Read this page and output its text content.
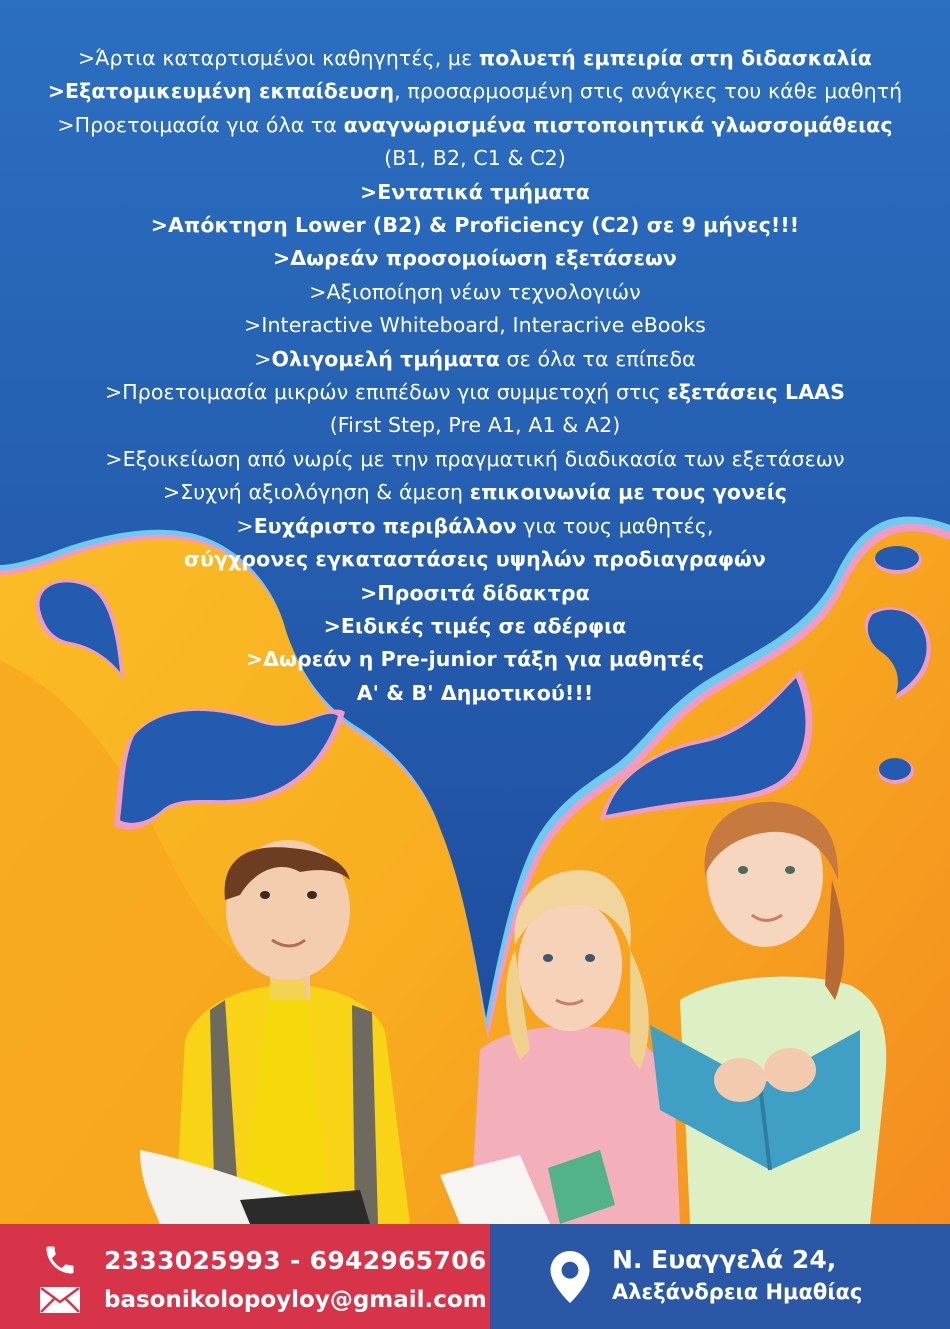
>Άρτια καταρτισμένοι καθηγητές, με πολυετή εμπειρία στη διδασκαλία
>Εξατομικευμένη εκπαίδευση, προσαρμοσμένη στις ανάγκες του κάθε μαθητή
>Προετοιμασία για όλα τα αναγνωρισμένα πιστοποιητικά γλωσσομάθειας
(B1, B2, C1 & C2)
>Εντατικά τμήματα
>Απόκτηση Lower (B2) & Proficiency (C2) σε 9 μήνες!!!
>Δωρεάν προσομοίωση εξετάσεων
>Αξιοποίηση νέων τεχνολογιών
>Interactive Whiteboard, Interacrive eBooks
>Ολιγομελή τμήματα σε όλα τα επίπεδα
>Προετοιμασία μικρών επιπέδων για συμμετοχή στις εξετάσεις LAAS
(First Step, Pre A1, A1 & A2)
>Εξοικείωση από νωρίς με την πραγματική διαδικασία των εξετάσεων
>Συχνή αξιολόγηση & άμεση επικοινωνία με τους γονείς
>Ευχάριστο περιβάλλον για τους μαθητές,
σύγχρονες εγκαταστάσεις υψηλών προδιαγραφών
>Προσιτά δίδακτρα
>Ειδικές τιμές σε αδέρφια
>Δωρεάν η Pre-junior τάξη για μαθητές
Α' & Β' Δημοτικού!!!
2333025993 - 6942965706
basonikolopoyloy@gmail.com
Ν. Ευαγγελά 24,
Αλεξάνδρεια Ημαθίας
